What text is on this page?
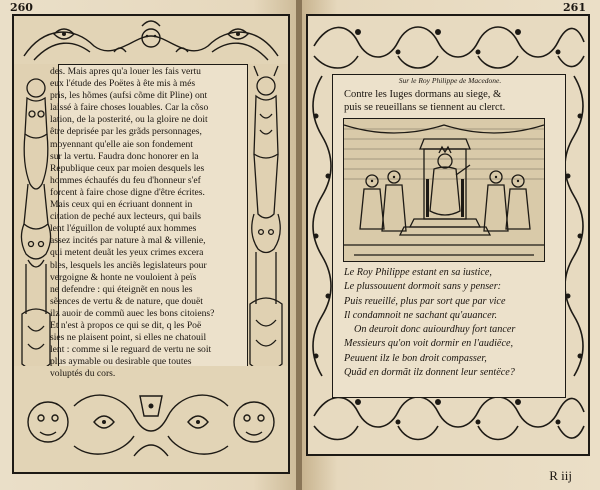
260
des. Mais apres qu'a louer les fais vertu
eux l'étude des Poëtes à ête mis à més
pris, les hõmes (aufsi cõme dit Pline) ont
laissé à faire choses louables. Car la cõso
lation, de la posterité, ou la gloire ne doit
être deprisée par les grãds personnages,
moyennant qu'elle aie son fondement
sur la vertu. Faudra donc honorer en la
Republique ceux par moien desquels les
hommes échaufés du feu d'honneur s'ef
forcent à faire chose digne d'être écrites.
Mais ceux qui en écriuant donnent in
citation de peché aux lecteurs, qui bails
lent l'éguillon de volupté aux hommes
assez incités par nature à mal & villenie,
qui metent deuãt les yeux crimes excera
bles, lesquels les anciẽs legislateurs pour
vergoigne & honte ne vouloient à peïs
ne defendre : qui éteignẽt en nous les
sẽences de vertu & de nature, que douët
ilz auoir de commũ auec les bons citoiens?
Et n'est à propos ce qui se dit, q les Poë
sies ne plaisent point, si elles ne chatouil
lent : comme si le reguard de vertu ne soit
plus aymable ou desirable que toutes
voluptés du cors.
261
Sur le Roy Philippe de Macedone.
Contre les Iuges dormans au siege, &
puis se reueillans se tiennent au clerct.
Le Roy Philippe estant en sa iustice,
Le plussouuent dormoit sans y penser:
Puis reueillé, plus par sort que par vice
Il condamnoit ne sachant qu'auancer.
On deuroit donc auiourdhuy fort tancer
Messieurs qu'on voit dormir en l'audiëce,
Peuuent ilz le bon droit compasser,
Quãd en dormãt ilz donnent leur sentëce?
R iij
